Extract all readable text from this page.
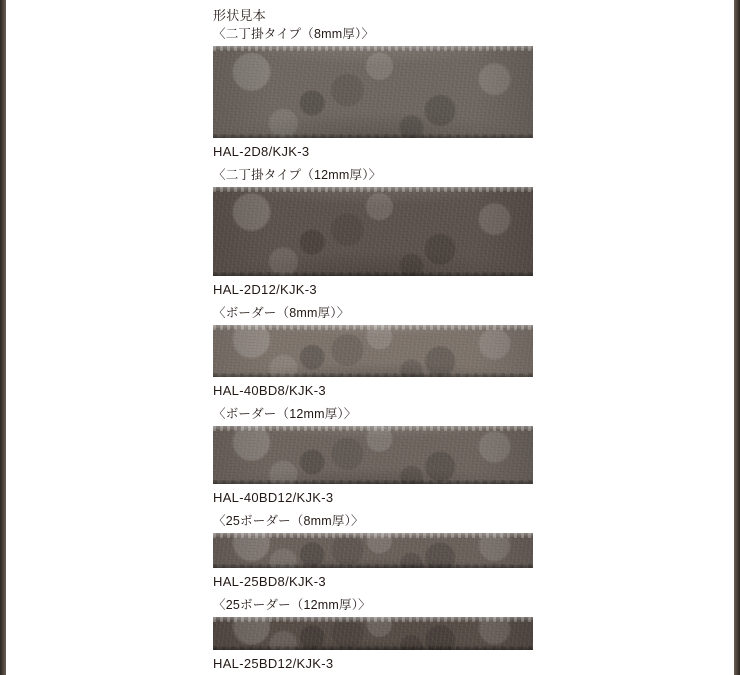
形状見本
〈二丁掛タイプ（8mm厚）〉
HAL-2D8/KJK-3
〈二丁掛タイプ（12mm厚）〉
HAL-2D12/KJK-3
〈ボーダー（8mm厚）〉
HAL-40BD8/KJK-3
〈ボーダー（12mm厚）〉
HAL-40BD12/KJK-3
〈25ボーダー（8mm厚）〉
HAL-25BD8/KJK-3
〈25ボーダー（12mm厚）〉
HAL-25BD12/KJK-3
